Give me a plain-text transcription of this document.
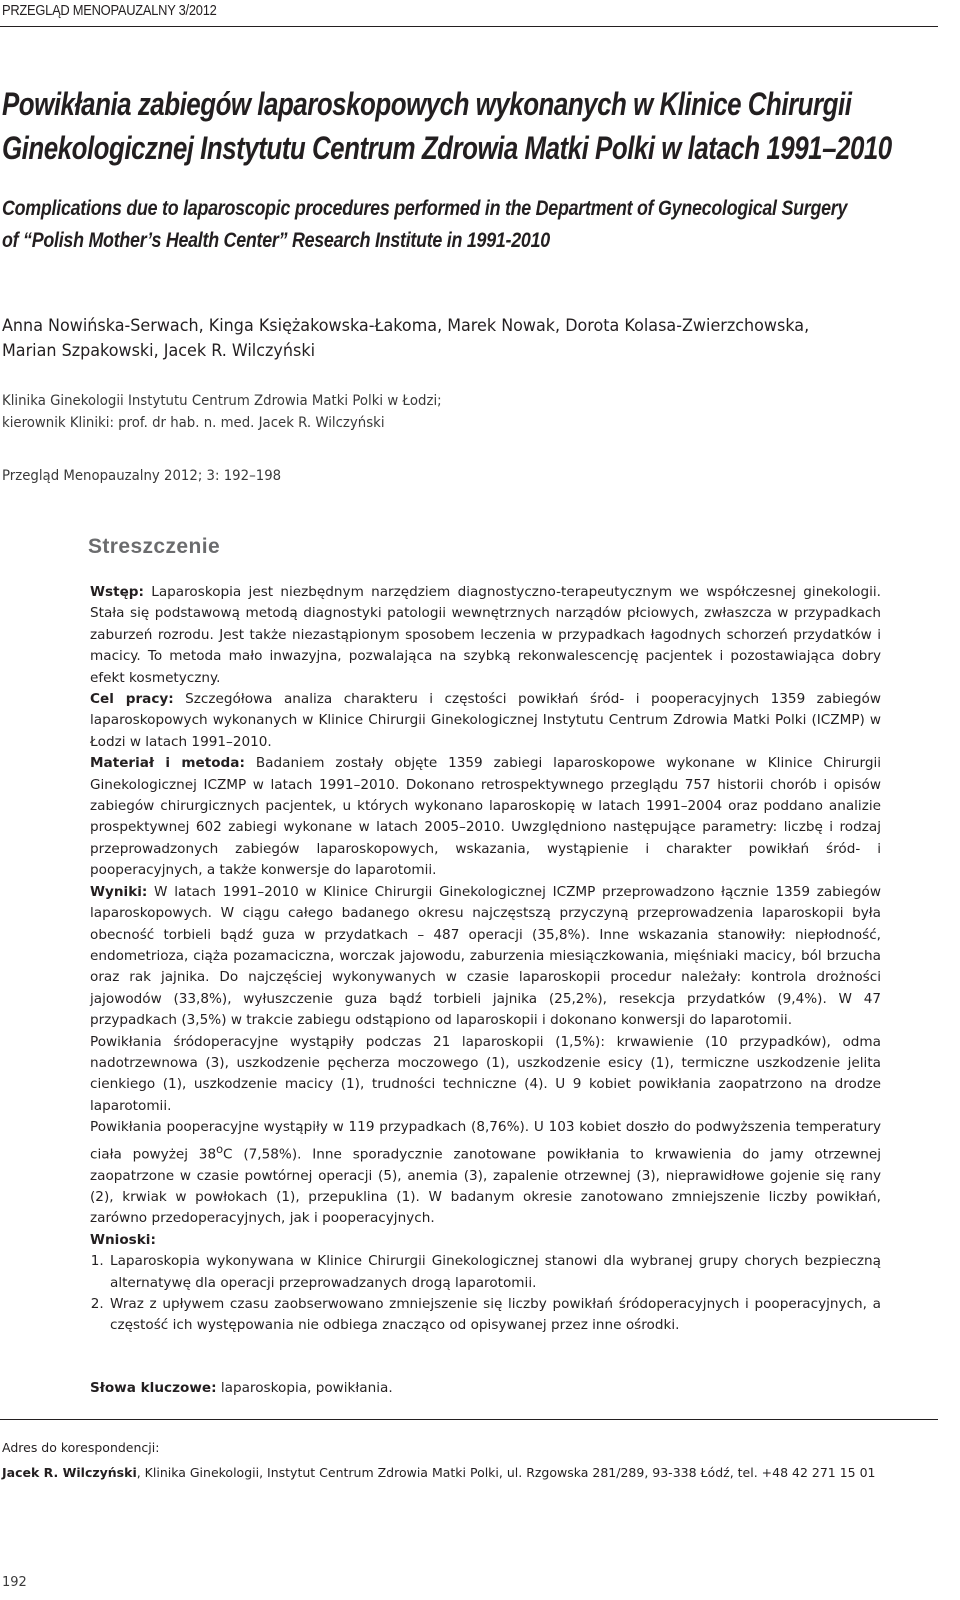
PRZEGLĄD MENOPAUZALNY 3/2012
Powikłania zabiegów laparoskopowych wykonanych w Klinice Chirurgii
Ginekologicznej Instytutu Centrum Zdrowia Matki Polki w latach 1991–2010
Complications due to laparoscopic procedures performed in the Department of Gynecological Surgery
of “Polish Mother’s Health Center” Research Institute in 1991-2010
Anna Nowińska-Serwach, Kinga Księżakowska-Łakoma, Marek Nowak, Dorota Kolasa-Zwierzchowska,
Marian Szpakowski, Jacek R. Wilczyński
Klinika Ginekologii Instytutu Centrum Zdrowia Matki Polki w Łodzi;
kierownik Kliniki: prof. dr hab. n. med. Jacek R. Wilczyński
Przegląd Menopauzalny 2012; 3: 192–198
Streszczenie

Wstęp: Laparoskopia jest niezbędnym narzędziem diagnostyczno-terapeutycznym we współczesnej ginekologii. Stała się podstawową metodą diagnostyki patologii wewnętrznych narządów płciowych, zwłaszcza w przypadkach zaburzeń rozrodu. Jest także niezastąpionym sposobem leczenia w przypadkach łagodnych schorzeń przydatków i macicy. To metoda mało inwazyjna, pozwalająca na szybką rekonwalescencję pacjentek i pozostawiająca dobry efekt kosmetyczny.

Cel pracy: Szczegółowa analiza charakteru i częstości powikłań śród- i pooperacyjnych 1359 zabiegów laparoskopowych wykonanych w Klinice Chirurgii Ginekologicznej Instytutu Centrum Zdrowia Matki Polki (ICZMP) w Łodzi w latach 1991–2010.

Materiał i metoda: Badaniem zostały objęte 1359 zabiegi laparoskopowe wykonane w Klinice Chirurgii Ginekologicznej ICZMP w latach 1991–2010. Dokonano retrospektywnego przeglądu 757 historii chorób i opisów zabiegów chirurgicznych pacjentek, u których wykonano laparoskopię w latach 1991–2004 oraz poddano analizie prospektywnej 602 zabiegi wykonane w latach 2005–2010. Uwzględniono następujące parametry: liczbę i rodzaj przeprowadzonych zabiegów laparoskopowych, wskazania, wystąpienie i charakter powikłań śród- i pooperacyjnych, a także konwersje do laparotomii.

Wyniki: W latach 1991–2010 w Klinice Chirurgii Ginekologicznej ICZMP przeprowadzono łącznie 1359 zabiegów laparoskopowych. W ciągu całego badanego okresu najczęstszą przyczyną przeprowadzenia laparoskopii była obecność torbieli bądź guza w przydatkach – 487 operacji (35,8%). Inne wskazania stanowiły: niepłodność, endometrioza, ciąża pozamaciczna, worczak jajowodu, zaburzenia miesiączkowania, mięśniaki macicy, ból brzucha oraz rak jajnika. Do najczęściej wykonywanych w czasie laparoskopii procedur należały: kontrola drożności jajowodów (33,8%), wyłuszczenie guza bądź torbieli jajnika (25,2%), resekcja przydatków (9,4%). W 47 przypadkach (3,5%) w trakcie zabiegu odstąpiono od laparoskopii i dokonano konwersji do laparotomii.

Powikłania śródoperacyjne wystąpiły podczas 21 laparoskopii (1,5%): krwawienie (10 przypadków), odma nadotrzewnowa (3), uszkodzenie pęcherza moczowego (1), uszkodzenie esicy (1), termiczne uszkodzenie jelita cienkiego (1), uszkodzenie macicy (1), trudności techniczne (4). U 9 kobiet powikłania zaopatrzono na drodze laparotomii.

Powikłania pooperacyjne wystąpiły w 119 przypadkach (8,76%). U 103 kobiet doszło do podwyższenia temperatury ciała powyżej 38$^o$C (7,58%). Inne sporadycznie zanotowane powikłania to krwawienia do jamy otrzewnej zaopatrzone w czasie powtórnej operacji (5), anemia (3), zapalenie otrzewnej (3), nieprawidłowe gojenie się rany (2), krwiak w powłokach (1), przepuklina (1). W badanym okresie zanotowano zmniejszenie liczby powikłań, zarówno przedoperacyjnych, jak i pooperacyjnych.

Wnioski:

1. Laparoskopia wykonywana w Klinice Chirurgii Ginekologicznej stanowi dla wybranej grupy chorych bezpieczną alternatywę dla operacji przeprowadzanych drogą laparotomii.
2. Wraz z upływem czasu zaobserwowano zmniejszenie się liczby powikłań śródoperacyjnych i pooperacyjnych, a częstość ich występowania nie odbiega znacząco od opisywanej przez inne ośrodki.
Słowa kluczowe: laparoskopia, powikłania.
Adres do korespondencji:
Jacek R. Wilczyński, Klinika Ginekologii, Instytut Centrum Zdrowia Matki Polki, ul. Rzgowska 281/289, 93-338 Łódź, tel. +48 42 271 15 01
192
